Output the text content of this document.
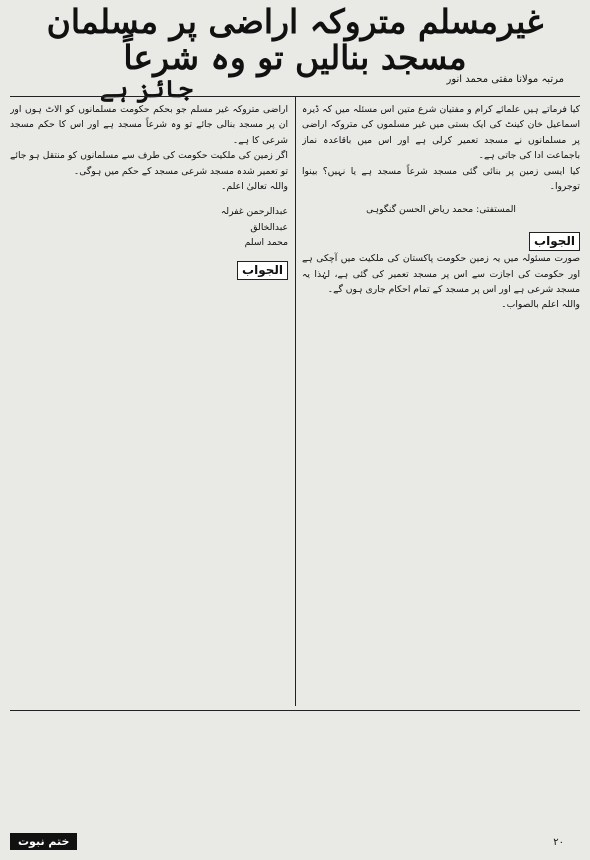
غیرمسلم متروکہ اراضی پر مسلمان مسجد بنالیں تو وہ شرعاً
جائز ہے	مرتبہ مولانا مفتی محمد انور

کیا فرماتے ہیں علمائے کرام و مفتیان شرع متین اس مسئلہ میں کہ ڈیرہ اسماعیل خان کینٹ کی ایک بستی میں غیر مسلموں کی متروکہ اراضی پر مسلمانوں نے مسجد تعمیر کرلی ہے اور اس میں باقاعدہ نماز باجماعت ادا کی جاتی ہے۔

کیا ایسی زمین پر بنائی گئی مسجد شرعاً مسجد ہے یا نہیں؟ بینوا توجروا۔

المستفتی: محمد ریاض الحسن گنگوہی

الجواب

صورت مسئولہ میں یہ زمین حکومت پاکستان کی ملکیت میں آچکی ہے اور حکومت کی اجازت سے اس پر مسجد تعمیر کی گئی ہے، لہٰذا یہ مسجد شرعی ہے اور اس پر مسجد کے تمام احکام جاری ہوں گے۔

واللہ اعلم بالصواب۔

اراضی متروکہ غیر مسلم جو بحکم حکومت مسلمانوں کو الاٹ ہوں اور ان پر مسجد بنالی جائے تو وہ شرعاً مسجد ہے اور اس کا حکم مسجد شرعی کا ہے۔

اگر زمین کی ملکیت حکومت کی طرف سے مسلمانوں کو منتقل ہو جائے تو تعمیر شدہ مسجد شرعی مسجد کے حکم میں ہوگی۔

واللہ تعالیٰ اعلم۔

عبدالرحمن غفرلہ

عبدالخالق

محمد اسلم

الجواب
ختم نبوت	۲۰
